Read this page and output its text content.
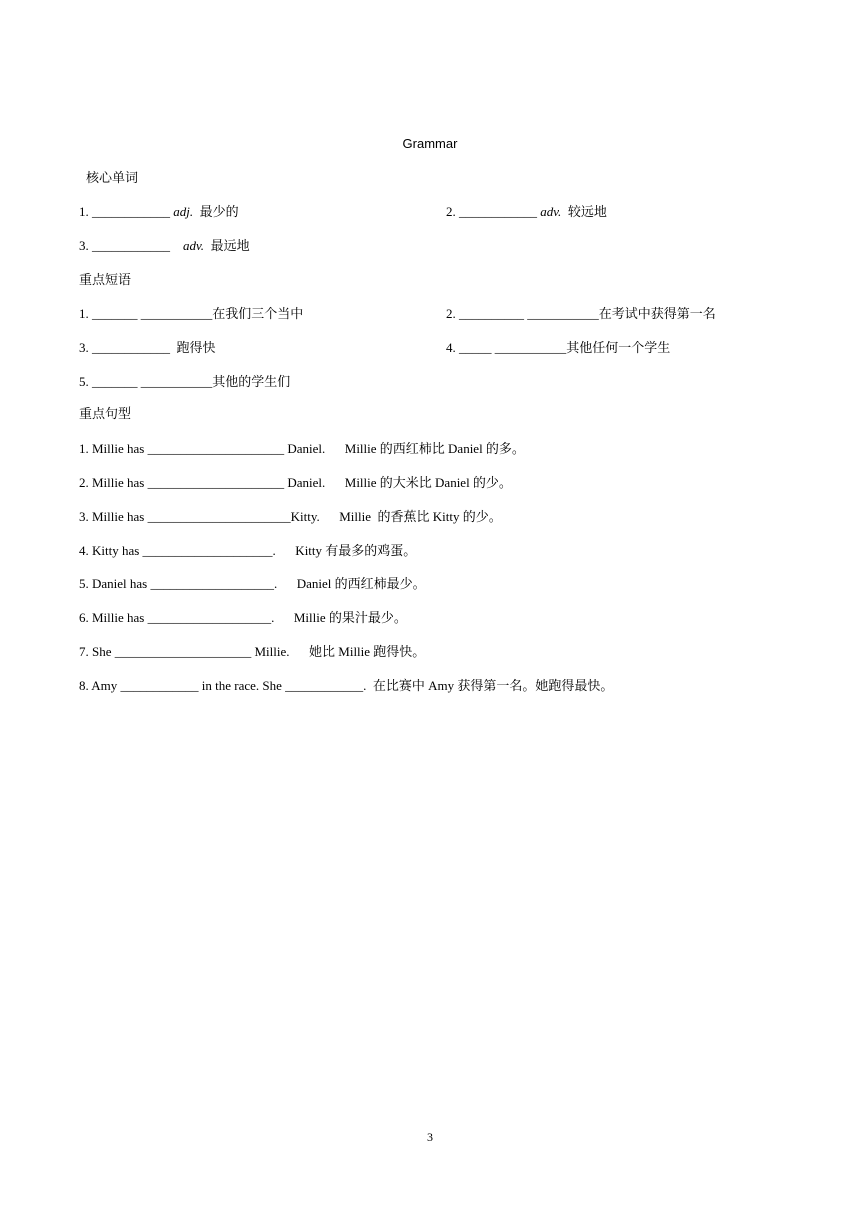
Grammar
核心单词
1. ____________ adj.  最少的	2. ____________ adv.  较远地
3. ____________    adv.  最远地
重点短语
1. _______ ___________在我们三个当中	2. __________ ___________在考试中获得第一名
3. ____________  跑得快	4. _____ ___________其他任何一个学生
5. _______ ___________其他的学生们
重点句型
1. Millie has _____________________ Daniel.      Millie 的西红柿比 Daniel 的多。
2. Millie has _____________________ Daniel.      Millie 的大米比 Daniel 的少。
3. Millie has ______________________Kitty.      Millie  的香蕉比 Kitty 的少。
4. Kitty has ____________________.      Kitty 有最多的鸡蛋。
5. Daniel has ___________________.      Daniel 的西红柿最少。
6. Millie has ___________________.      Millie 的果汁最少。
7. She _____________________ Millie.      她比 Millie 跑得快。
8. Amy ____________ in the race. She ____________.  在比赛中 Amy 获得第一名。她跑得最快。
3
